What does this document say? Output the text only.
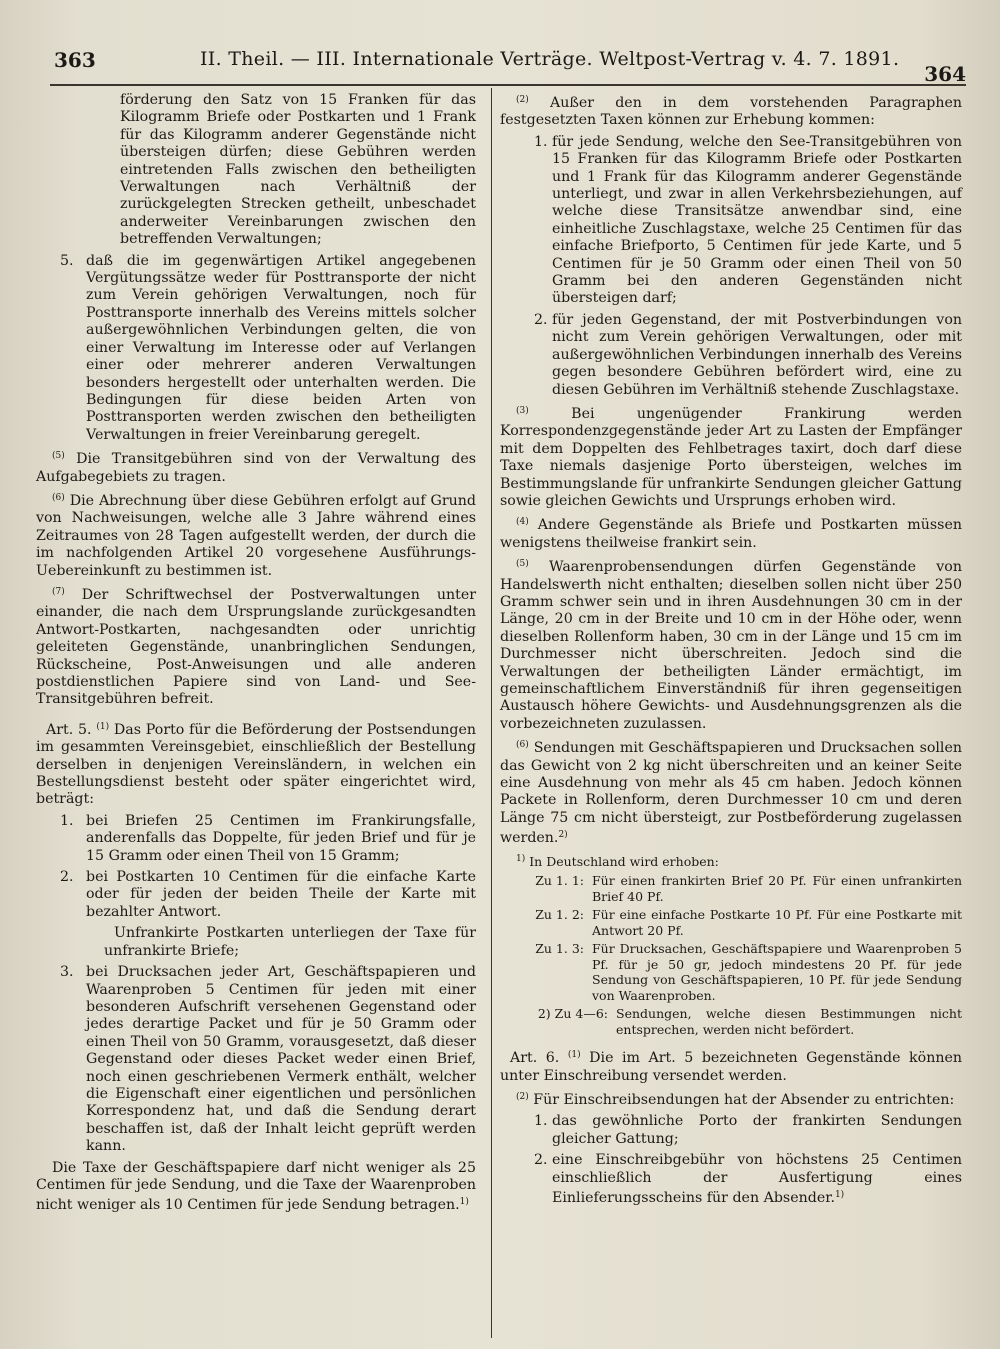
363	II. Theil. — III. Internationale Verträge. Weltpost-Vertrag v. 4. 7. 1891.
364

förderung den Satz von 15 Franken für das Kilogramm Briefe oder Postkarten und 1 Frank für das Kilogramm anderer Gegenstände nicht übersteigen dürfen; diese Gebühren werden eintretenden Falls zwischen den betheiligten Verwaltungen nach Verhältniß der zurückgelegten Strecken getheilt, unbeschadet anderweiter Vereinbarungen zwischen den betreffenden Verwaltungen;

5. daß die im gegenwärtigen Artikel angegebenen Vergütungssätze weder für Posttransporte der nicht zum Verein gehörigen Verwaltungen, noch für Posttransporte innerhalb des Vereins mittels solcher außergewöhnlichen Verbindungen gelten, die von einer Verwaltung im Interesse oder auf Verlangen einer oder mehrerer anderen Verwaltungen besonders hergestellt oder unterhalten werden. Die Bedingungen für diese beiden Arten von Posttransporten werden zwischen den betheiligten Verwaltungen in freier Vereinbarung geregelt.

$^{(5)}$ Die Transitgebühren sind von der Verwaltung des Aufgabegebiets zu tragen.

$^{(6)}$ Die Abrechnung über diese Gebühren erfolgt auf Grund von Nachweisungen, welche alle 3 Jahre während eines Zeitraumes von 28 Tagen aufgestellt werden, der durch die im nachfolgenden Artikel 20 vorgesehene Ausführungs-Uebereinkunft zu bestimmen ist.

$^{(7)}$ Der Schriftwechsel der Postverwaltungen unter einander, die nach dem Ursprungslande zurückgesandten Antwort-Postkarten, nachgesandten oder unrichtig geleiteten Gegenstände, unanbringlichen Sendungen, Rückscheine, Post-Anweisungen und alle anderen postdienstlichen Papiere sind von Land- und See-Transitgebühren befreit.

Art. 5. $^{(1)}$ Das Porto für die Beförderung der Postsendungen im gesammten Vereinsgebiet, einschließlich der Bestellung derselben in denjenigen Vereinsländern, in welchen ein Bestellungsdienst besteht oder später eingerichtet wird, beträgt:

1. bei Briefen 25 Centimen im Frankirungsfalle, anderenfalls das Doppelte, für jeden Brief und für je 15 Gramm oder einen Theil von 15 Gramm;

2. bei Postkarten 10 Centimen für die einfache Karte oder für jeden der beiden Theile der Karte mit bezahlter Antwort.

Unfrankirte Postkarten unterliegen der Taxe für unfrankirte Briefe;

3. bei Drucksachen jeder Art, Geschäftspapieren und Waarenproben 5 Centimen für jeden mit einer besonderen Aufschrift versehenen Gegenstand oder jedes derartige Packet und für je 50 Gramm oder einen Theil von 50 Gramm, vorausgesetzt, daß dieser Gegenstand oder dieses Packet weder einen Brief, noch einen geschriebenen Vermerk enthält, welcher die Eigenschaft einer eigentlichen und persönlichen Korrespondenz hat, und daß die Sendung derart beschaffen ist, daß der Inhalt leicht geprüft werden kann.

Die Taxe der Geschäftspapiere darf nicht weniger als 25 Centimen für jede Sendung, und die Taxe der Waarenproben nicht weniger als 10 Centimen für jede Sendung betragen.$^{1)}$

$^{(2)}$ Außer den in dem vorstehenden Paragraphen festgesetzten Taxen können zur Erhebung kommen:

1. für jede Sendung, welche den See-Transitgebühren von 15 Franken für das Kilogramm Briefe oder Postkarten und 1 Frank für das Kilogramm anderer Gegenstände unterliegt, und zwar in allen Verkehrsbeziehungen, auf welche diese Transitsätze anwendbar sind, eine einheitliche Zuschlagstaxe, welche 25 Centimen für das einfache Briefporto, 5 Centimen für jede Karte, und 5 Centimen für je 50 Gramm oder einen Theil von 50 Gramm bei den anderen Gegenständen nicht übersteigen darf;

2. für jeden Gegenstand, der mit Postverbindungen von nicht zum Verein gehörigen Verwaltungen, oder mit außergewöhnlichen Verbindungen innerhalb des Vereins gegen besondere Gebühren befördert wird, eine zu diesen Gebühren im Verhältniß stehende Zuschlagstaxe.

$^{(3)}$	Bei ungenügender Frankirung werden Korrespondenzgegenstände jeder Art zu Lasten der Empfänger mit dem Doppelten des Fehlbetrages taxirt, doch darf diese Taxe niemals dasjenige Porto übersteigen, welches im Bestimmungslande für unfrankirte Sendungen gleicher Gattung sowie gleichen Gewichts und Ursprungs erhoben wird.

$^{(4)}$ Andere Gegenstände als Briefe und Postkarten müssen wenigstens theilweise frankirt sein.

$^{(5)}$ Waarenprobensendungen dürfen Gegenstände von Handelswerth nicht enthalten; dieselben sollen nicht über 250 Gramm schwer sein und in ihren Ausdehnungen 30 cm in der Länge, 20 cm in der Breite und 10 cm in der Höhe oder, wenn dieselben Rollenform haben, 30 cm in der Länge und 15 cm im Durchmesser nicht überschreiten. Jedoch sind die Verwaltungen der betheiligten Länder ermächtigt, im gemeinschaftlichem Einverständniß für ihren gegenseitigen Austausch höhere Gewichts- und Ausdehnungsgrenzen als die vorbezeichneten zuzulassen.

$^{(6)}$ Sendungen mit Geschäftspapieren und Drucksachen sollen das Gewicht von 2 kg nicht überschreiten und an keiner Seite eine Ausdehnung von mehr als 45 cm haben. Jedoch können Packete in Rollenform, deren Durchmesser 10 cm und deren Länge 75 cm nicht übersteigt, zur Postbeförderung zugelassen werden.$^{2)}$

$^{1)}$ In Deutschland wird erhoben:

Zu 1. 1: Für einen frankirten Brief 20 Pf. Für einen unfrankirten Brief 40 Pf.
Zu 1. 2: Für eine einfache Postkarte 10 Pf. Für eine Postkarte mit Antwort 20 Pf.
Zu 1. 3: Für Drucksachen, Geschäftspapiere und Waarenproben 5 Pf. für je 50 gr, jedoch mindestens 20 Pf. für jede Sendung von Geschäftspapieren, 10 Pf. für jede Sendung von Waarenproben.
2) Zu 4—6: Sendungen, welche diesen Bestimmungen nicht entsprechen, werden nicht befördert.

Art. 6. $^{(1)}$ Die im Art. 5 bezeichneten Gegenstände können unter Einschreibung versendet werden.

$^{(2)}$ Für Einschreibsendungen hat der Absender zu entrichten:

1. das gewöhnliche Porto der frankirten Sendungen gleicher Gattung;

2. eine Einschreibgebühr von höchstens 25 Centimen einschließlich der Ausfertigung eines Einlieferungsscheins für den Absender.$^{1)}$
